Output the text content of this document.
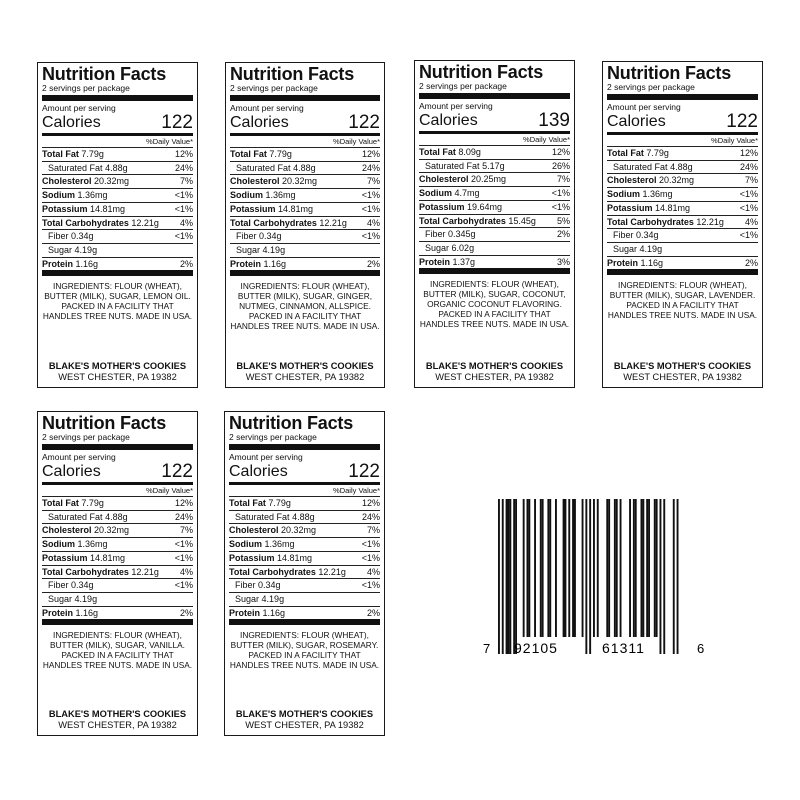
Nutrition Facts
2 servings per package
Amount per serving
Calories	122
%Daily Value*
Total Fat 7.79g	12%
Saturated Fat 4.88g	24%
Cholesterol 20.32mg	7%
Sodium 1.36mg	<1%
Potassium 14.81mg	<1%
Total Carbohydrates 12.21g 4%
Fiber 0.34g	<1%
Sugar 4.19g
Protein 1.16g	2%
INGREDIENTS: FLOUR (WHEAT), BUTTER (MILK), SUGAR, LEMON OIL. PACKED IN A FACILITY THAT HANDLES TREE NUTS. MADE IN USA.
BLAKE'S MOTHER'S COOKIES
WEST CHESTER, PA 19382
Nutrition Facts
2 servings per package
Amount per serving
Calories	122
%Daily Value*
Total Fat 7.79g	12%
Saturated Fat 4.88g	24%
Cholesterol 20.32mg	7%
Sodium 1.36mg	<1%
Potassium 14.81mg	<1%
Total Carbohydrates 12.21g 4%
Fiber 0.34g	<1%
Sugar 4.19g
Protein 1.16g	2%
INGREDIENTS: FLOUR (WHEAT), BUTTER (MILK), SUGAR, GINGER, NUTMEG, CINNAMON, ALLSPICE. PACKED IN A FACILITY THAT HANDLES TREE NUTS. MADE IN USA.
BLAKE'S MOTHER'S COOKIES
WEST CHESTER, PA 19382
Nutrition Facts
2 servings per package
Amount per serving
Calories	139
%Daily Value*
Total Fat 8.09g	12%
Saturated Fat 5.17g	26%
Cholesterol 20.25mg	7%
Sodium 4.7mg	<1%
Potassium 19.64mg	<1%
Total Carbohydrates 15.45g 5%
Fiber 0.345g	2%
Sugar 6.02g
Protein 1.37g	3%
INGREDIENTS: FLOUR (WHEAT), BUTTER (MILK), SUGAR, COCONUT, ORGANIC COCONUT FLAVORING. PACKED IN A FACILITY THAT HANDLES TREE NUTS. MADE IN USA.
BLAKE'S MOTHER'S COOKIES
WEST CHESTER, PA 19382
Nutrition Facts
2 servings per package
Amount per serving
Calories	122
%Daily Value*
Total Fat 7.79g	12%
Saturated Fat 4.88g	24%
Cholesterol 20.32mg	7%
Sodium 1.36mg	<1%
Potassium 14.81mg	<1%
Total Carbohydrates 12.21g 4%
Fiber 0.34g	<1%
Sugar 4.19g
Protein 1.16g	2%
INGREDIENTS: FLOUR (WHEAT), BUTTER (MILK), SUGAR, LAVENDER. PACKED IN A FACILITY THAT HANDLES TREE NUTS. MADE IN USA.
BLAKE'S MOTHER'S COOKIES
WEST CHESTER, PA 19382
Nutrition Facts
2 servings per package
Amount per serving
Calories	122
%Daily Value*
Total Fat 7.79g	12%
Saturated Fat 4.88g	24%
Cholesterol 20.32mg	7%
Sodium 1.36mg	<1%
Potassium 14.81mg	<1%
Total Carbohydrates 12.21g 4%
Fiber 0.34g	<1%
Sugar 4.19g
Protein 1.16g	2%
INGREDIENTS: FLOUR (WHEAT), BUTTER (MILK), SUGAR, VANILLA. PACKED IN A FACILITY THAT HANDLES TREE NUTS. MADE IN USA.
BLAKE'S MOTHER'S COOKIES
WEST CHESTER, PA 19382
Nutrition Facts
2 servings per package
Amount per serving
Calories	122
%Daily Value*
Total Fat 7.79g	12%
Saturated Fat 4.88g	24%
Cholesterol 20.32mg	7%
Sodium 1.36mg	<1%
Potassium 14.81mg	<1%
Total Carbohydrates 12.21g 4%
Fiber 0.34g	<1%
Sugar 4.19g
Protein 1.16g	2%
INGREDIENTS: FLOUR (WHEAT), BUTTER (MILK), SUGAR, ROSEMARY. PACKED IN A FACILITY THAT HANDLES TREE NUTS. MADE IN USA.
BLAKE'S MOTHER'S COOKIES
WEST CHESTER, PA 19382
7 92105	61311	6
